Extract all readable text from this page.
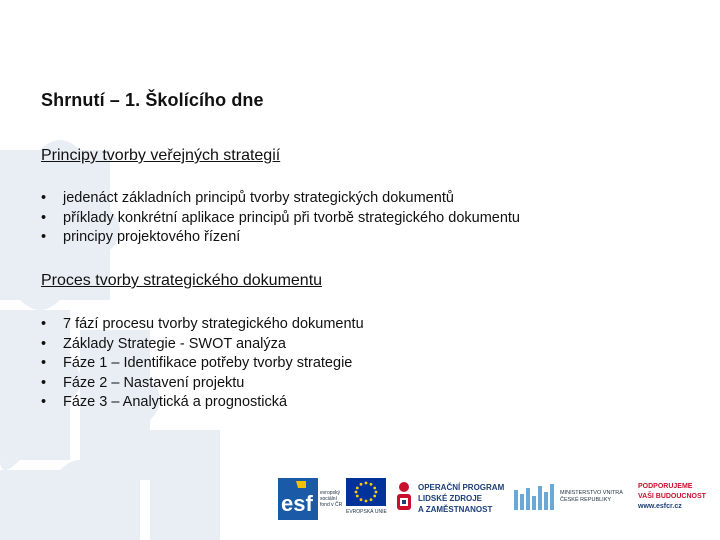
Shrnutí – 1. Školícího dne
Principy tvorby veřejných strategií
• jedenáct základních principů tvorby strategických dokumentů
• příklady konkrétní aplikace principů při tvorbě strategického dokumentu
• principy projektového řízení
Proces tvorby strategického dokumentu
• 7 fází procesu tvorby strategického dokumentu
• Základy Strategie - SWOT analýza
• Fáze 1 – Identifikace potřeby tvorby strategie
• Fáze 2 – Nastavení projektu
• Fáze 3 – Analytická a prognostická
esf evropský
sociální
fond v ČR
EVROPSKÁ UNIE
OPERAČNÍ PROGRAM
LIDSKÉ ZDROJE
A ZAMĚSTNANOST
MINISTERSTVO VNITRA
ČESKÉ REPUBLIKY
PODPORUJEME
VAŠI BUDOUCNOST
www.esfcr.cz
